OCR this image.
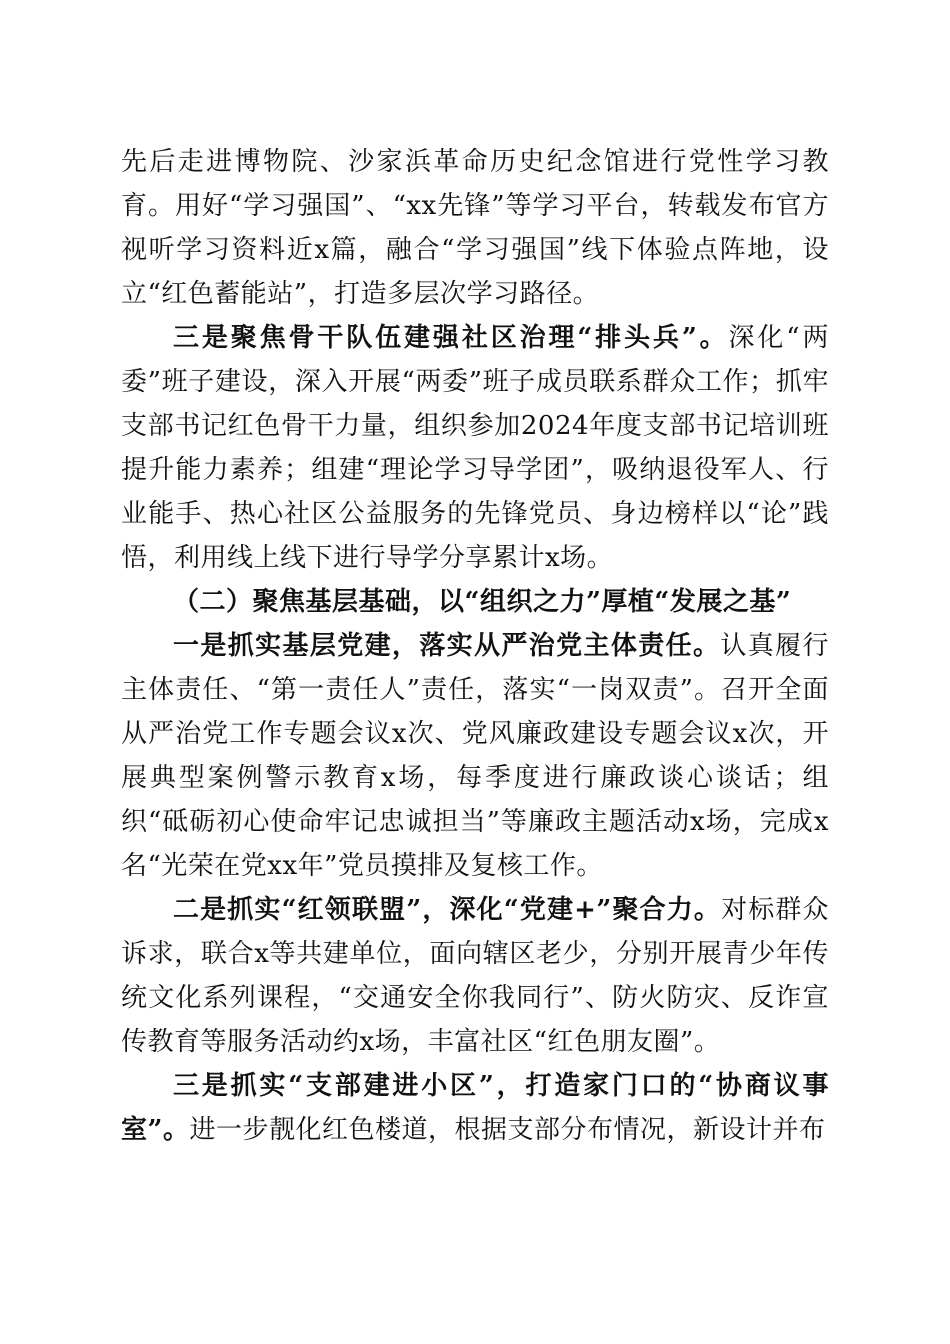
先后走进博物院、沙家浜革命历史纪念馆进行党性学习教育。用好“学习强国”、“xx先锋”等学习平台，转载发布官方视听学习资料近x篇，融合“学习强国”线下体验点阵地，设立“红色蓄能站”，打造多层次学习路径。

三是聚焦骨干队伍建强社区治理“排头兵”。深化“两委”班子建设，深入开展“两委”班子成员联系群众工作；抓牢支部书记红色骨干力量，组织参加2024年度支部书记培训班提升能力素养；组建“理论学习导学团”，吸纳退役军人、行业能手、热心社区公益服务的先锋党员、身边榜样以“论”践悟，利用线上线下进行导学分享累计x场。

（二）聚焦基层基础，以“组织之力”厚植“发展之基”

一是抓实基层党建，落实从严治党主体责任。认真履行主体责任、“第一责任人”责任，落实“一岗双责”。召开全面从严治党工作专题会议x次、党风廉政建设专题会议x次，开展典型案例警示教育x场，每季度进行廉政谈心谈话；组织“砥砺初心使命牢记忠诚担当”等廉政主题活动x场，完成x名“光荣在党xx年”党员摸排及复核工作。

二是抓实“红领联盟”，深化“党建+”聚合力。对标群众诉求，联合x等共建单位，面向辖区老少，分别开展青少年传统文化系列课程，“交通安全你我同行”、防火防灾、反诈宣传教育等服务活动约x场，丰富社区“红色朋友圈”。

三是抓实“支部建进小区”，打造家门口的“协商议事室”。进一步靓化红色楼道，根据支部分布情况，新设计并布
